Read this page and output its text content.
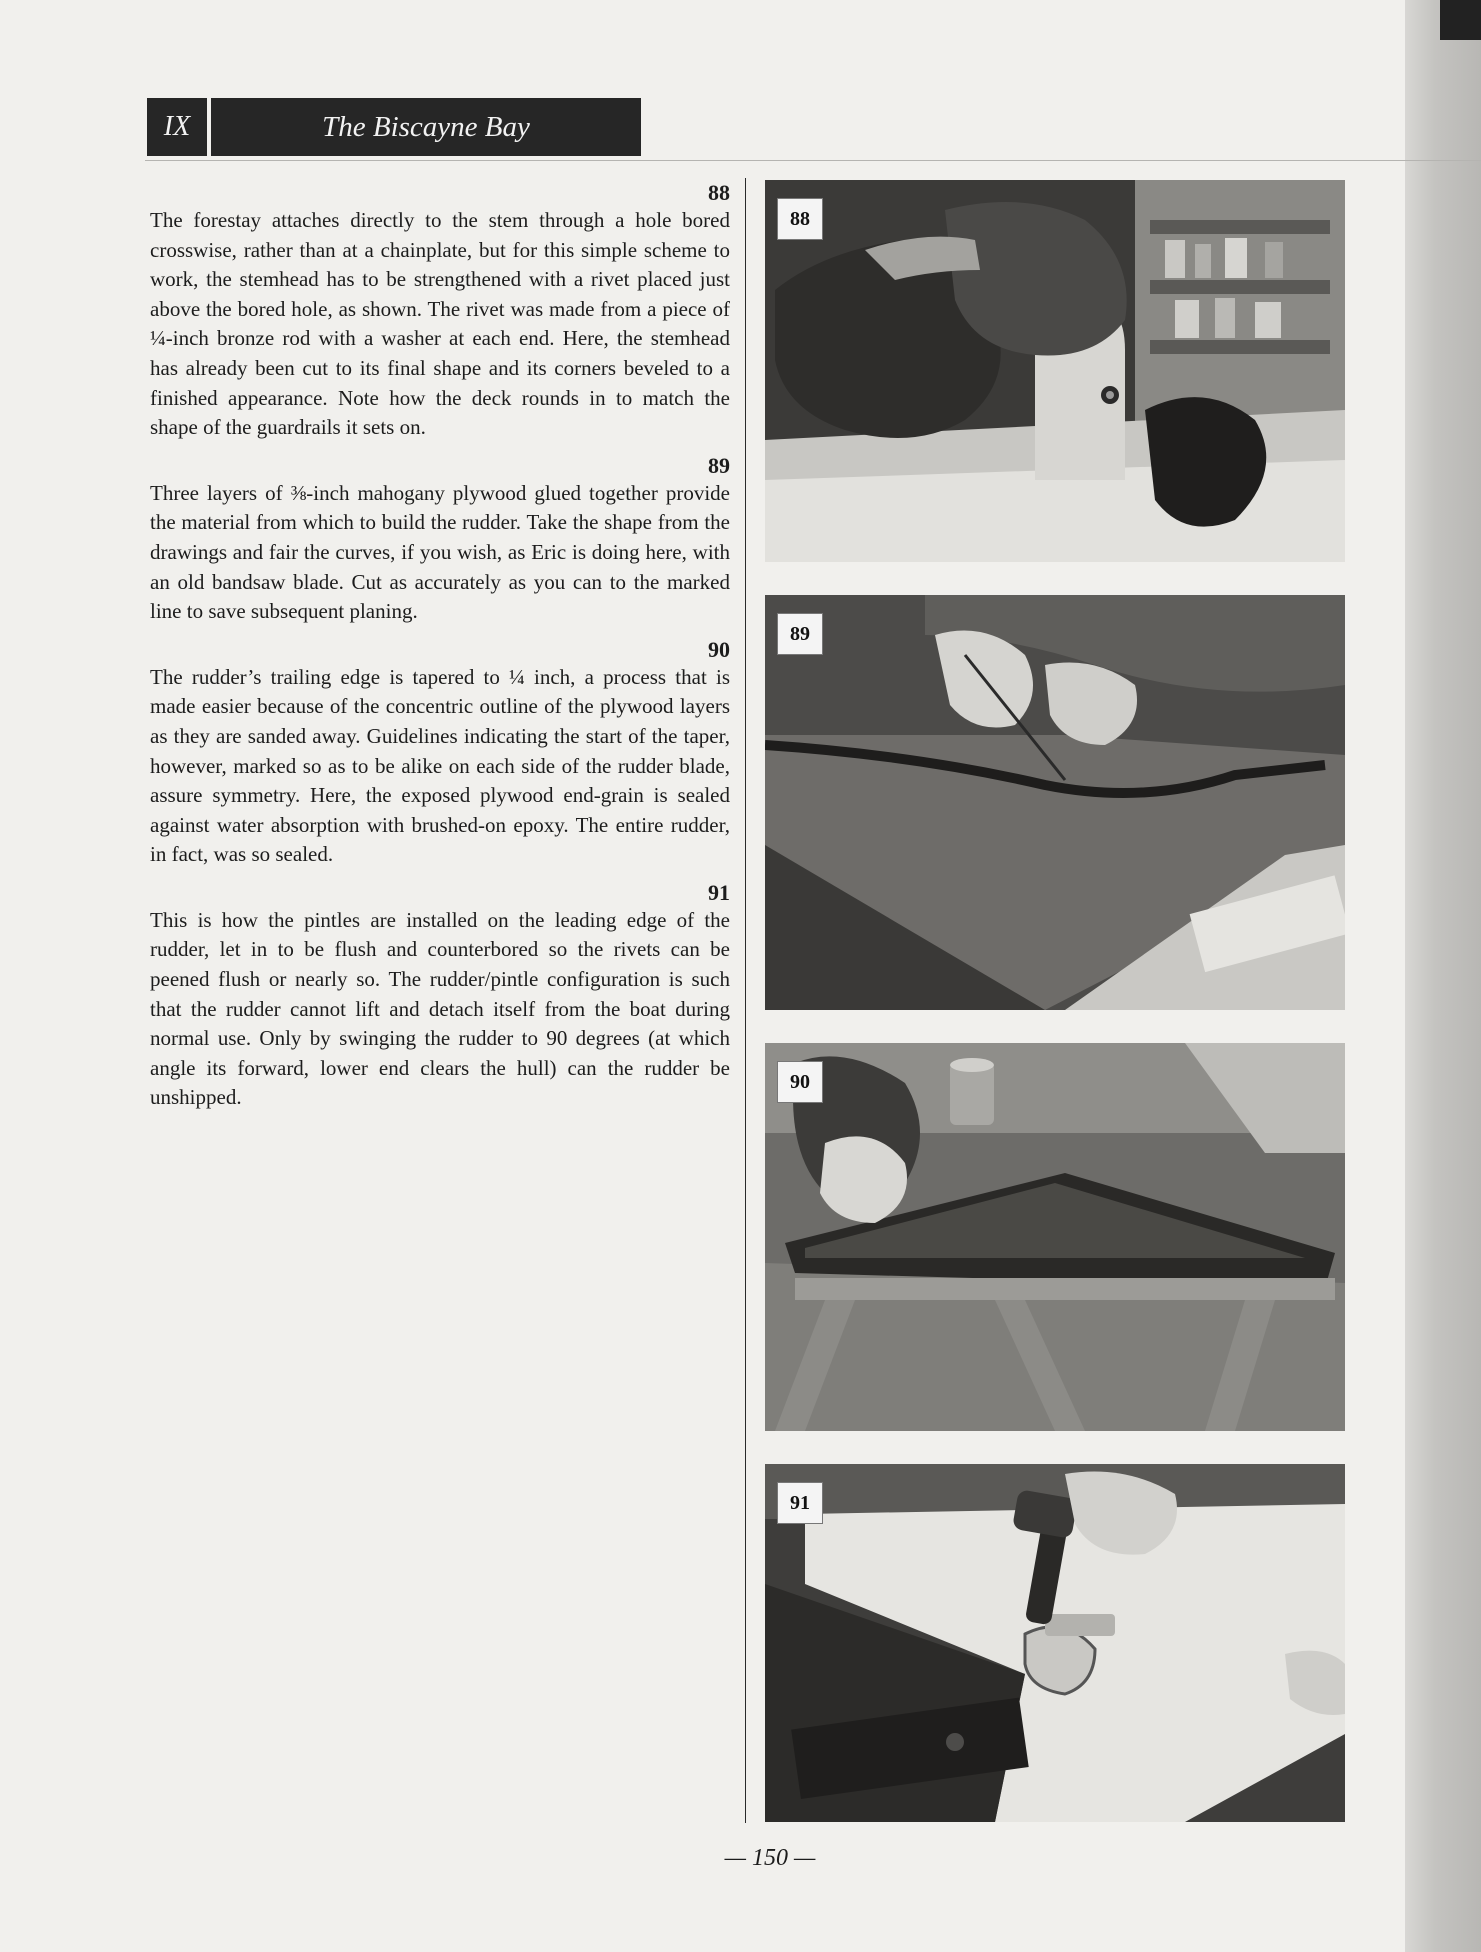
IX	The Biscayne Bay
88

The forestay attaches directly to the stem through a hole bored crosswise, rather than at a chainplate, but for this simple scheme to work, the stemhead has to be strengthened with a rivet placed just above the bored hole, as shown. The rivet was made from a piece of ¼-inch bronze rod with a washer at each end. Here, the stemhead has already been cut to its final shape and its corners beveled to a finished appearance. Note how the deck rounds in to match the shape of the guardrails it sets on.

89

Three layers of ⅜-inch mahogany plywood glued together provide the material from which to build the rudder. Take the shape from the drawings and fair the curves, if you wish, as Eric is doing here, with an old bandsaw blade. Cut as accurately as you can to the marked line to save subsequent planing.

90

The rudder’s trailing edge is tapered to ¼ inch, a process that is made easier because of the concentric outline of the plywood layers as they are sanded away. Guidelines indicating the start of the taper, however, marked so as to be alike on each side of the rudder blade, assure symmetry. Here, the exposed plywood end-grain is sealed against water absorption with brushed-on epoxy. The entire rudder, in fact, was so sealed.

91

This is how the pintles are installed on the leading edge of the rudder, let in to be flush and counterbored so the rivets can be peened flush or nearly so. The rudder/pintle configuration is such that the rudder cannot lift and detach itself from the boat during normal use. Only by swinging the rudder to 90 degrees (at which angle its forward, lower end clears the hull) can the rudder be unshipped.

88
89
90
91
— 150 —
